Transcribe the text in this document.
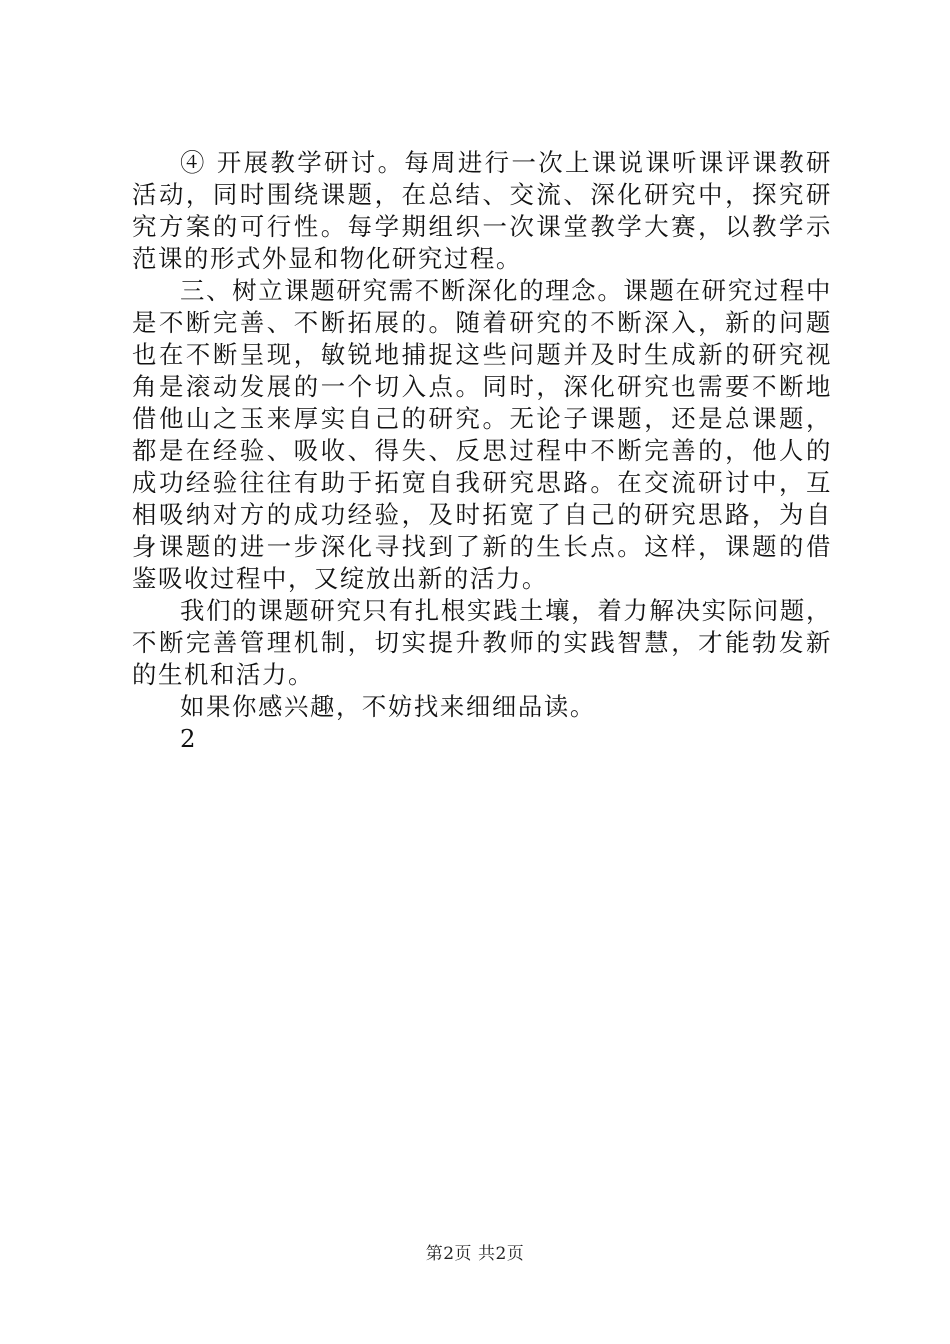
④ 开展教学研讨。每周进行一次上课说课听课评课教研活动，同时围绕课题，在总结、交流、深化研究中，探究研究方案的可行性。每学期组织一次课堂教学大赛，以教学示范课的形式外显和物化研究过程。

三、树立课题研究需不断深化的理念。课题在研究过程中是不断完善、不断拓展的。随着研究的不断深入，新的问题也在不断呈现，敏锐地捕捉这些问题并及时生成新的研究视角是滚动发展的一个切入点。同时，深化研究也需要不断地借他山之玉来厚实自己的研究。无论子课题，还是总课题，都是在经验、吸收、得失、反思过程中不断完善的，他人的成功经验往往有助于拓宽自我研究思路。在交流研讨中，互相吸纳对方的成功经验，及时拓宽了自己的研究思路，为自身课题的进一步深化寻找到了新的生长点。这样，课题的借鉴吸收过程中，又绽放出新的活力。

我们的课题研究只有扎根实践土壤，着力解决实际问题，不断完善管理机制，切实提升教师的实践智慧，才能勃发新的生机和活力。

如果你感兴趣，不妨找来细细品读。

2

第2页 共2页
